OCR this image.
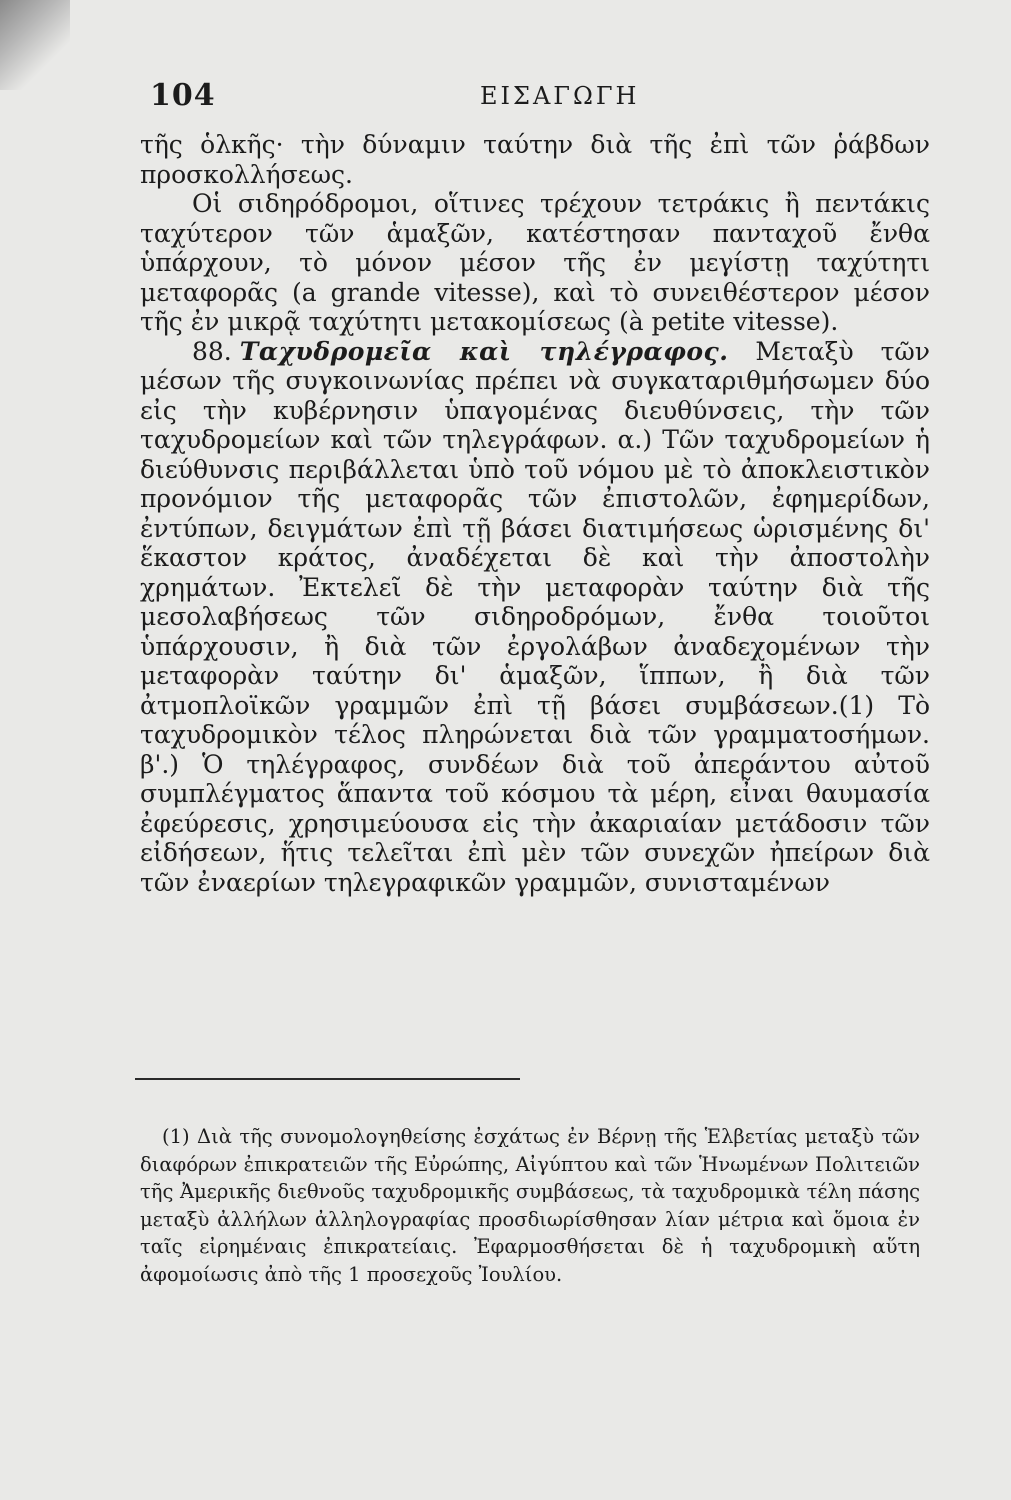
104	ΕΙΣΑΓΩΓΗ

τῆς ὁλκῆς· τὴν δύναμιν ταύτην διὰ τῆς ἐπὶ τῶν ῥάβδων προσκολλήσεως.

Οἱ σιδηρόδρομοι, οἵτινες τρέχουν τετράκις ἢ πεντάκις ταχύτερον τῶν ἁμαξῶν, κατέστησαν πανταχοῦ ἔνθα ὑπάρχουν, τὸ μόνον μέσον τῆς ἐν μεγίστῃ ταχύτητι μεταφορᾶς (a grande vitesse), καὶ τὸ συνειθέστερον μέσον τῆς ἐν μικρᾷ ταχύτητι μετακομίσεως (à petite vitesse).

88. Ταχυδρομεῖα καὶ τηλέγραφος. Μεταξὺ τῶν μέσων τῆς συγκοινωνίας πρέπει νὰ συγκαταριθμήσωμεν δύο εἰς τὴν κυβέρνησιν ὑπαγομένας διευθύνσεις, τὴν τῶν ταχυδρομείων καὶ τῶν τηλεγράφων. α.) Τῶν ταχυδρομείων ἡ διεύθυνσις περιβάλλεται ὑπὸ τοῦ νόμου μὲ τὸ ἀποκλειστικὸν προνόμιον τῆς μεταφορᾶς τῶν ἐπιστολῶν, ἐφημερίδων, ἐντύπων, δειγμάτων ἐπὶ τῇ βάσει διατιμήσεως ὡρισμένης δι' ἕκαστον κράτος, ἀναδέχεται δὲ καὶ τὴν ἀποστολὴν χρημάτων. Ἐκτελεῖ δὲ τὴν μεταφορὰν ταύτην διὰ τῆς μεσολαβήσεως τῶν σιδηροδρόμων, ἔνθα τοιοῦτοι ὑπάρχουσιν, ἢ διὰ τῶν ἐργολάβων ἀναδεχομένων τὴν μεταφορὰν ταύτην δι' ἁμαξῶν, ἵππων, ἢ διὰ τῶν ἀτμοπλοϊκῶν γραμμῶν ἐπὶ τῇ βάσει συμβάσεων.(1) Τὸ ταχυδρομικὸν τέλος πληρώνεται διὰ τῶν γραμματοσήμων. β'.) Ὁ τηλέγραφος, συνδέων διὰ τοῦ ἀπεράντου αὐτοῦ συμπλέγματος ἅπαντα τοῦ κόσμου τὰ μέρη, εἶναι θαυμασία ἐφεύρεσις, χρησιμεύουσα εἰς τὴν ἀκαριαίαν μετάδοσιν τῶν εἰδήσεων, ἥτις τελεῖται ἐπὶ μὲν τῶν συνεχῶν ἠπείρων διὰ τῶν ἐναερίων τηλεγραφικῶν γραμμῶν, συνισταμένων

(1) Διὰ τῆς συνομολογηθείσης ἐσχάτως ἐν Βέρνῃ τῆς Ἑλβετίας μεταξὺ τῶν διαφόρων ἐπικρατειῶν τῆς Εὐρώπης, Αἰγύπτου καὶ τῶν Ἡνωμένων Πολιτειῶν τῆς Ἀμερικῆς διεθνοῦς ταχυδρομικῆς συμβάσεως, τὰ ταχυδρομικὰ τέλη πάσης μεταξὺ ἀλλήλων ἀλληλογραφίας προσδιωρίσθησαν λίαν μέτρια καὶ ὅμοια ἐν ταῖς εἰρημέναις ἐπικρατείαις. Ἐφαρμοσθήσεται δὲ ἡ ταχυδρομικὴ αὕτη ἀφομοίωσις ἀπὸ τῆς 1 προσεχοῦς Ἰουλίου.
